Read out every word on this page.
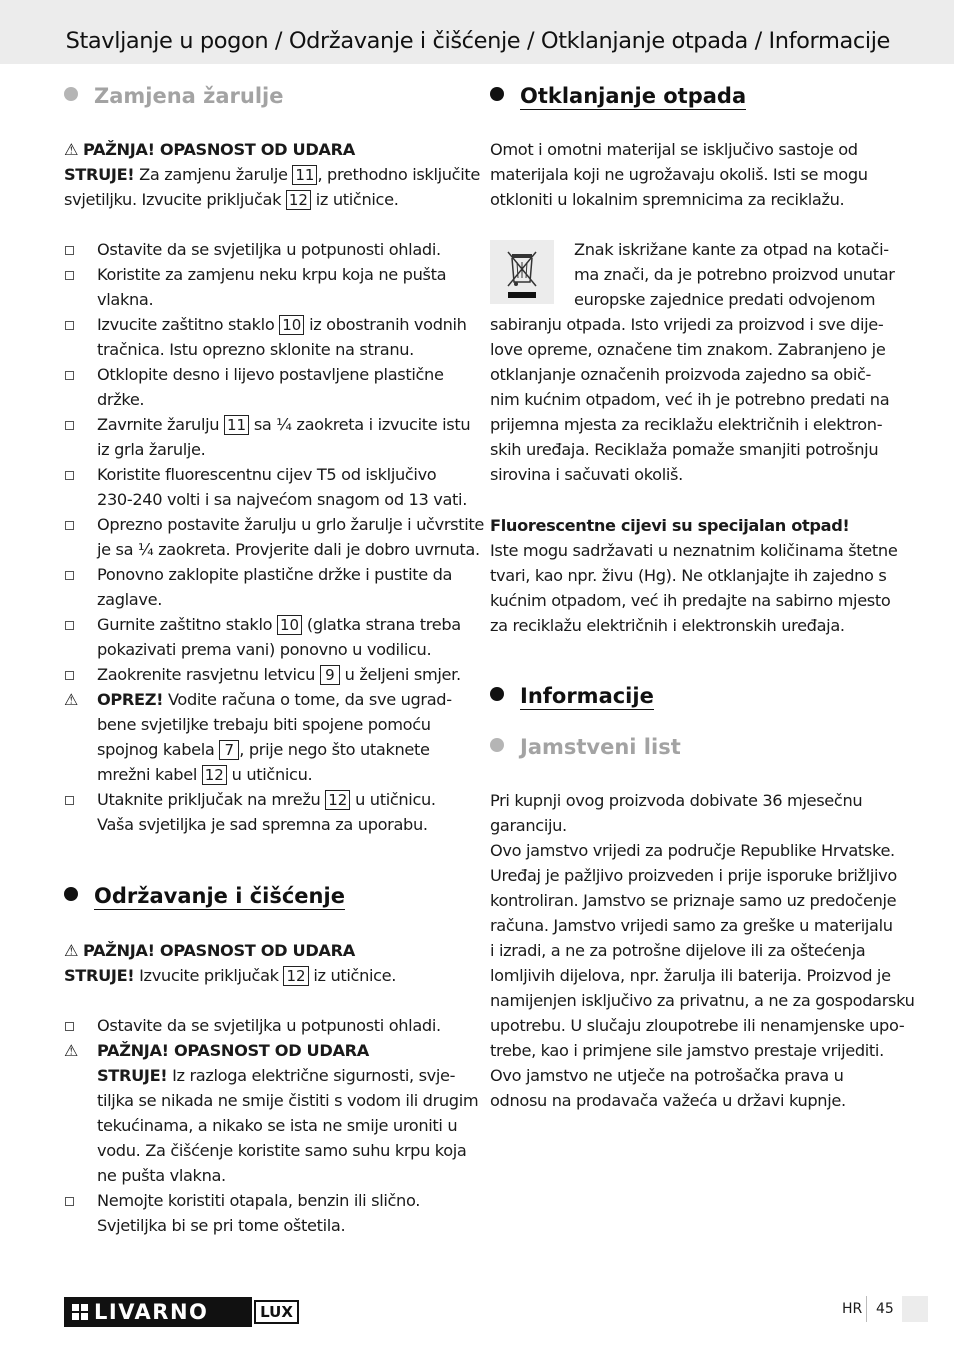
Stavljanje u pogon / Održavanje i čišćenje / Otklanjanje otpada / Informacije
Zamjena žarulje
⚠ PAŽNJA! OPASNOST OD UDARA
STRUJE! Za zamjenu žarulje 11 , prethodno isključite
svjetiljku. Izvucite priključak 12 iz utičnice.
Ostavite da se svjetiljka u potpunosti ohladi.
Koristite za zamjenu neku krpu koja ne pušta
vlakna.
Izvucite zaštitno staklo 10 iz obostranih vodnih
tračnica. Istu oprezno sklonite na stranu.
Otklopite desno i lijevo postavljene plastične
držke.
Zavrnite žarulju 11 sa ¼ zaokreta i izvucite istu
iz grla žarulje.
Koristite fluorescentnu cijev T5 od isključivo
230-240 volti i sa najvećom snagom od 13 vati.
Oprezno postavite žarulju u grlo žarulje i učvrstite
je sa ¼ zaokreta. Provjerite dali je dobro uvrnuta.
Ponovno zaklopite plastične držke i pustite da
zaglave.
Gurnite zaštitno staklo 10 (glatka strana treba
pokazivati prema vani) ponovno u vodilicu.
Zaokrenite rasvjetnu letvicu 9 u željeni smjer.
⚠	OPREZ! Vodite računa o tome, da sve ugrad-
bene svjetiljke trebaju biti spojene pomoću
spojnog kabela 7 , prije nego što utaknete
mrežni kabel 12 u utičnicu.
Utaknite priključak na mrežu 12 u utičnicu.
Vaša svjetiljka je sad spremna za uporabu.
Održavanje i čišćenje
⚠ PAŽNJA! OPASNOST OD UDARA
STRUJE! Izvucite priključak 12 iz utičnice.
Ostavite da se svjetiljka u potpunosti ohladi.
⚠	PAŽNJA! OPASNOST OD UDARA
STRUJE! Iz razloga električne sigurnosti, svje-
tiljka se nikada ne smije čistiti s vodom ili drugim
tekućinama, a nikako se ista ne smije uroniti u
vodu. Za čišćenje koristite samo suhu krpu koja
ne pušta vlakna.
Nemojte koristiti otapala, benzin ili slično.
Svjetiljka bi se pri tome oštetila.
Otklanjanje otpada
Omot i omotni materijal se isključivo sastoje od
materijala koji ne ugrožavaju okoliš. Isti se mogu
otkloniti u lokalnim spremnicima za reciklažu.
Znak iskrižane kante za otpad na kotači-
ma znači, da je potrebno proizvod unutar
europske zajednice predati odvojenom
sabiranju otpada. Isto vrijedi za proizvod i sve dije-
love opreme, označene tim znakom. Zabranjeno je
otklanjanje označenih proizvoda zajedno sa obič-
nim kućnim otpadom, već ih je potrebno predati na
prijemna mjesta za reciklažu električnih i elektron-
skih uređaja. Reciklaža pomaže smanjiti potrošnju
sirovina i sačuvati okoliš.
Fluorescentne cijevi su specijalan otpad!
Iste mogu sadržavati u neznatnim količinama štetne
tvari, kao npr. živu (Hg). Ne otklanjajte ih zajedno s
kućnim otpadom, već ih predajte na sabirno mjesto
za reciklažu električnih i elektronskih uređaja.
Informacije
Jamstveni list
Pri kupnji ovog proizvoda dobivate 36 mjesečnu
garanciju.
Ovo jamstvo vrijedi za područje Republike Hrvatske.
Uređaj je pažljivo proizveden i prije isporuke brižljivo
kontroliran. Jamstvo se priznaje samo uz predočenje
računa. Jamstvo vrijedi samo za greške u materijalu
i izradi, a ne za potrošne dijelove ili za oštećenja
lomljivih dijelova, npr. žarulja ili baterija. Proizvod je
namijenjen isključivo za privatnu, a ne za gospodarsku
upotrebu. U slučaju zloupotrebe ili nenamjenske upo-
trebe, kao i primjene sile jamstvo prestaje vrijediti.
Ovo jamstvo ne utječe na potrošačka prava u
odnosu na prodavača važeća u državi kupnje.
LIVARNO	LUX	HR 45
